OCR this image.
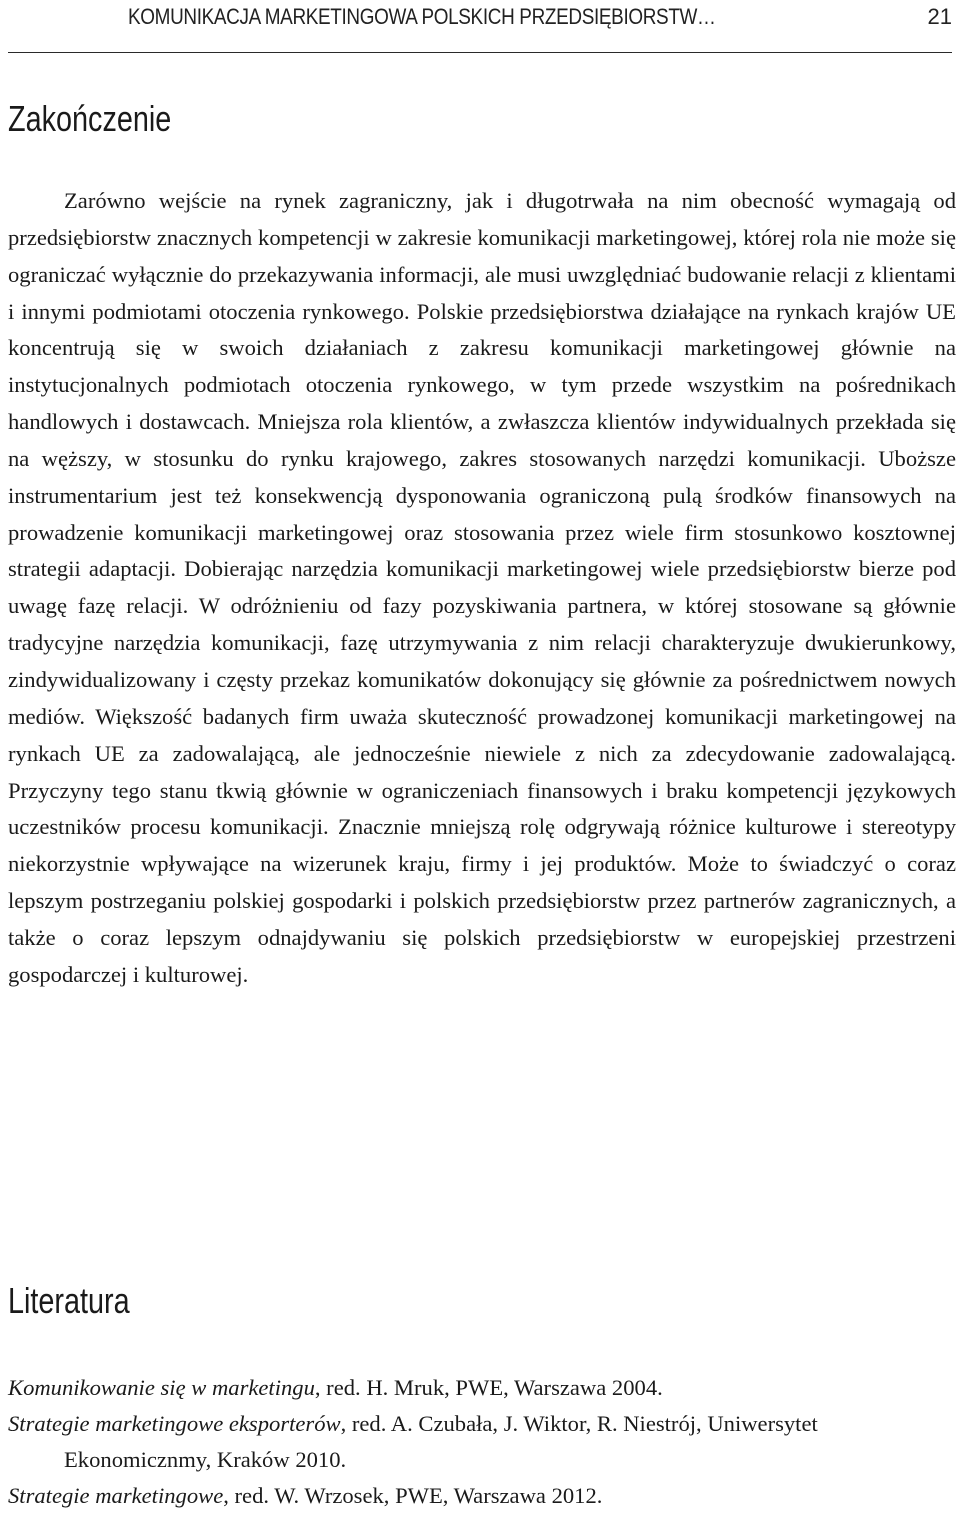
KOMUNIKACJA MARKETINGOWA POLSKICH PRZEDSIĘBIORSTW…	21
Zakończenie

Zarówno wejście na rynek zagraniczny, jak i długotrwała na nim obecność wymagają od przedsiębiorstw znacznych kompetencji w zakresie komunikacji marketingowej, której rola nie może się ograniczać wyłącznie do przekazywania informacji, ale musi uwzględniać budowanie relacji z klientami i innymi podmiotami otoczenia rynkowego. Polskie przedsiębiorstwa działające na rynkach krajów UE koncentrują się w swoich działaniach z zakresu komunikacji marketingowej głównie na instytucjonalnych podmiotach otoczenia rynkowego, w tym przede wszystkim na pośrednikach handlowych i dostawcach. Mniejsza rola klientów, a zwłaszcza klientów indywidualnych przekłada się na węższy, w stosunku do rynku krajowego, zakres stosowanych narzędzi komunikacji. Uboższe instrumentarium jest też konsekwencją dysponowania ograniczoną pulą środków finansowych na prowadzenie komunikacji marketingowej oraz stosowania przez wiele firm stosunkowo kosztownej strategii adaptacji. Dobierając narzędzia komunikacji marketingowej wiele przedsiębiorstw bierze pod uwagę fazę relacji. W odróżnieniu od fazy pozyskiwania partnera, w której stosowane są głównie tradycyjne narzędzia komunikacji, fazę utrzymywania z nim relacji charakteryzuje dwukierunkowy, zindywidualizowany i częsty przekaz komunikatów dokonujący się głównie za pośrednictwem nowych mediów. Większość badanych firm uważa skuteczność prowadzonej komunikacji marketingowej na rynkach UE za zadowalającą, ale jednocześnie niewiele z nich za zdecydowanie zadowalającą. Przyczyny tego stanu tkwią głównie w ograniczeniach finansowych i braku kompetencji językowych uczestników procesu komunikacji. Znacznie mniejszą rolę odgrywają różnice kulturowe i stereotypy niekorzystnie wpływające na wizerunek kraju, firmy i jej produktów. Może to świadczyć o coraz lepszym postrzeganiu polskiej gospodarki i polskich przedsiębiorstw przez partnerów zagranicznych, a także o coraz lepszym odnajdywaniu się polskich przedsiębiorstw w europejskiej przestrzeni gospodarczej i kulturowej.

Literatura
Komunikowanie się w marketingu, red. H. Mruk, PWE, Warszawa 2004.
Strategie marketingowe eksporterów, red. A. Czubała, J. Wiktor, R. Niestrój, Uniwersytet Ekonomicznmy, Kraków 2010.
Strategie marketingowe, red. W. Wrzosek, PWE, Warszawa 2012.
